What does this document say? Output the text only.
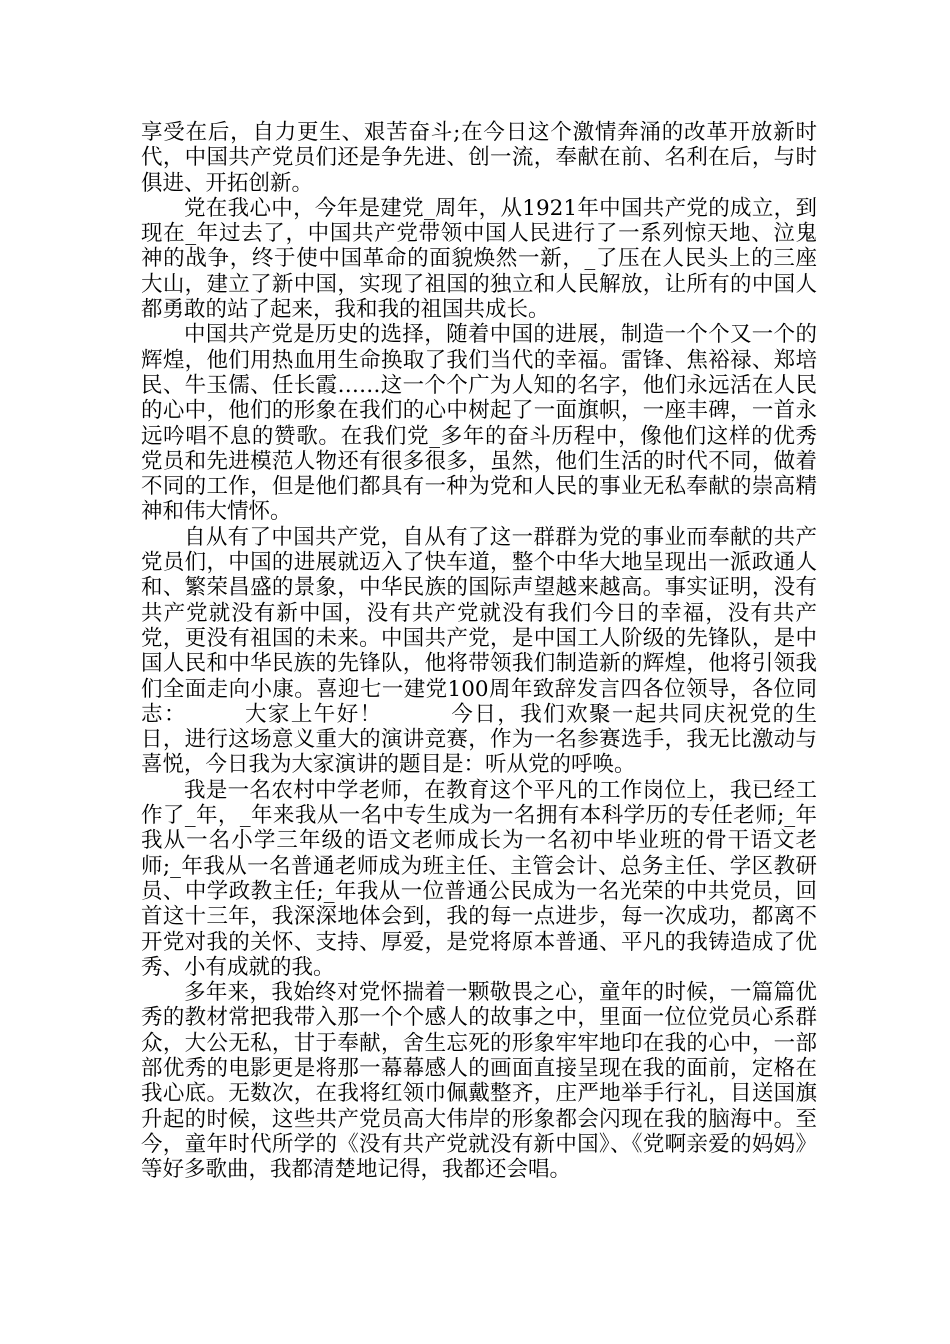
享受在后，自力更生、艰苦奋斗;在今日这个激情奔涌的改革开放新时代，中国共产党员们还是争先进、创一流，奉献在前、名利在后，与时俱进、开拓创新。

党在我心中，今年是建党_周年，从1921年中国共产党的成立，到现在_年过去了，中国共产党带领中国人民进行了一系列惊天地、泣鬼神的战争，终于使中国革命的面貌焕然一新，_了压在人民头上的三座大山，建立了新中国，实现了祖国的独立和人民解放，让所有的中国人都勇敢的站了起来，我和我的祖国共成长。

中国共产党是历史的选择，随着中国的进展，制造一个个又一个的辉煌，他们用热血用生命换取了我们当代的幸福。雷锋、焦裕禄、郑培民、牛玉儒、任长霞……这一个个广为人知的名字，他们永远活在人民的心中，他们的形象在我们的心中树起了一面旗帜，一座丰碑，一首永远吟唱不息的赞歌。在我们党_多年的奋斗历程中，像他们这样的优秀党员和先进模范人物还有很多很多，虽然，他们生活的时代不同，做着不同的工作，但是他们都具有一种为党和人民的事业无私奉献的崇高精神和伟大情怀。

自从有了中国共产党，自从有了这一群群为党的事业而奉献的共产党员们，中国的进展就迈入了快车道，整个中华大地呈现出一派政通人和、繁荣昌盛的景象，中华民族的国际声望越来越高。事实证明，没有共产党就没有新中国，没有共产党就没有我们今日的幸福，没有共产党，更没有祖国的未来。中国共产党，是中国工人阶级的先锋队，是中国人民和中华民族的先锋队，他将带领我们制造新的辉煌，他将引领我们全面走向小康。喜迎七一建党100周年致辞发言四各位领导，各位同志：　　　大家上午好！　　　今日，我们欢聚一起共同庆祝党的生日，进行这场意义重大的演讲竞赛，作为一名参赛选手，我无比激动与喜悦，今日我为大家演讲的题目是：听从党的呼唤。

我是一名农村中学老师，在教育这个平凡的工作岗位上，我已经工作了_年，_年来我从一名中专生成为一名拥有本科学历的专任老师;_年我从一名小学三年级的语文老师成长为一名初中毕业班的骨干语文老师;_年我从一名普通老师成为班主任、主管会计、总务主任、学区教研员、中学政教主任;_年我从一位普通公民成为一名光荣的中共党员，回首这十三年，我深深地体会到，我的每一点进步，每一次成功，都离不开党对我的关怀、支持、厚爱，是党将原本普通、平凡的我铸造成了优秀、小有成就的我。

多年来，我始终对党怀揣着一颗敬畏之心，童年的时候，一篇篇优秀的教材常把我带入那一个个感人的故事之中，里面一位位党员心系群众，大公无私，甘于奉献，舍生忘死的形象牢牢地印在我的心中，一部部优秀的电影更是将那一幕幕感人的画面直接呈现在我的面前，定格在我心底。无数次，在我将红领巾佩戴整齐，庄严地举手行礼，目送国旗升起的时候，这些共产党员高大伟岸的形象都会闪现在我的脑海中。至今，童年时代所学的《没有共产党就没有新中国》、《党啊亲爱的妈妈》等好多歌曲，我都清楚地记得，我都还会唱。
